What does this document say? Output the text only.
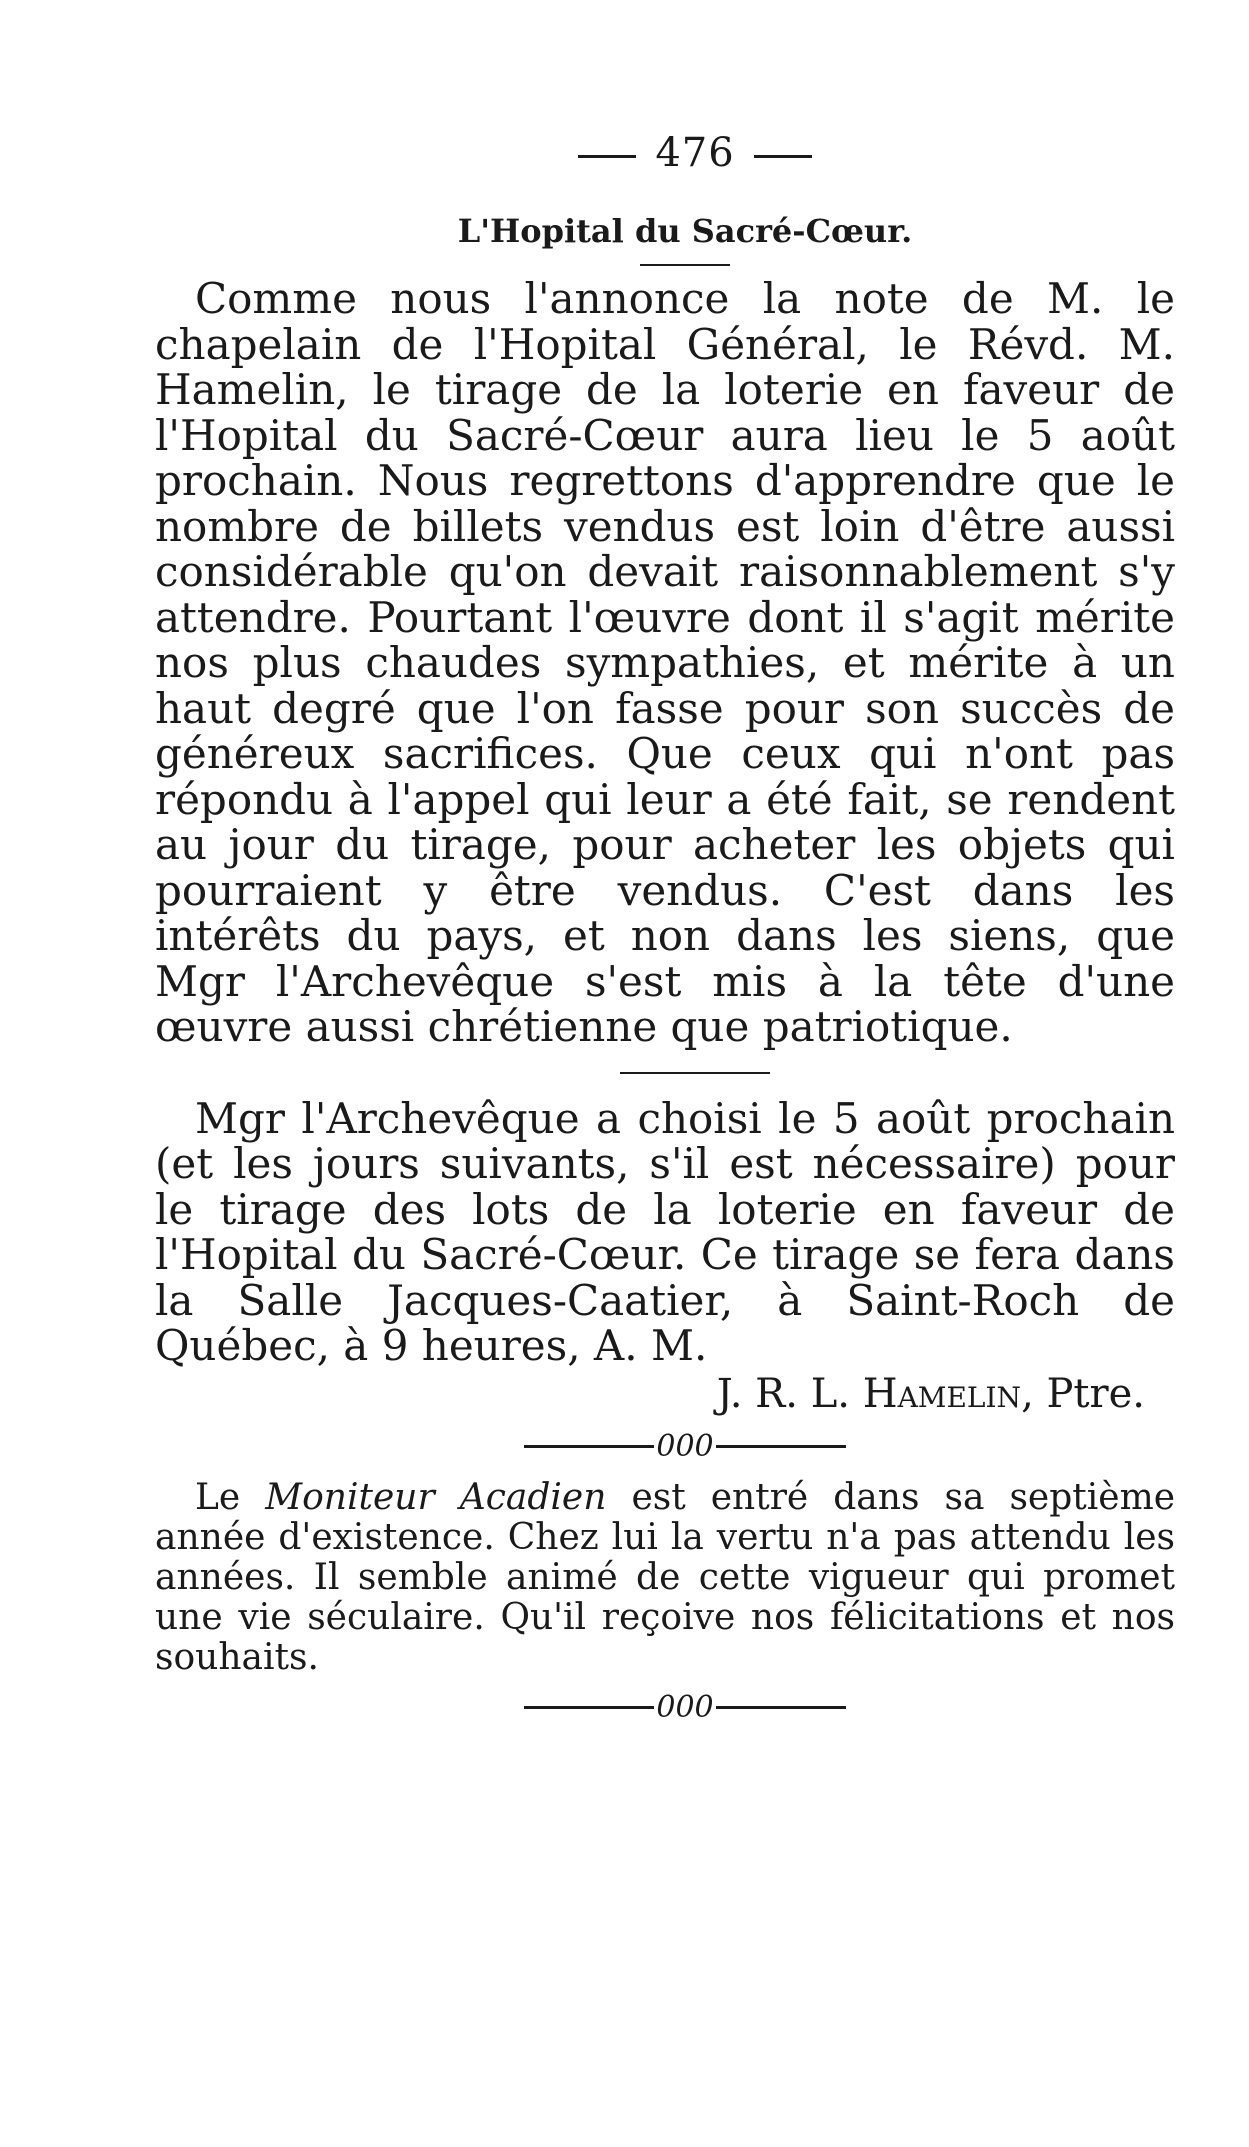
476
L'Hopital du Sacré-Cœur.

Comme nous l'annonce la note de M. le chapelain de l'Hopital Général, le Révd. M. Hamelin, le tirage de la loterie en faveur de l'Hopital du Sacré-Cœur aura lieu le 5 août prochain. Nous regrettons d'apprendre que le nombre de billets vendus est loin d'être aussi considérable qu'on devait raisonnablement s'y attendre. Pourtant l'œuvre dont il s'agit mérite nos plus chaudes sympathies, et mérite à un haut degré que l'on fasse pour son succès de généreux sacrifices. Que ceux qui n'ont pas répondu à l'appel qui leur a été fait, se rendent au jour du tirage, pour acheter les objets qui pourraient y être vendus. C'est dans les intérêts du pays, et non dans les siens, que Mgr l'Archevêque s'est mis à la tête d'une œuvre aussi chrétienne que patriotique.

Mgr l'Archevêque a choisi le 5 août prochain (et les jours suivants, s'il est nécessaire) pour le tirage des lots de la loterie en faveur de l'Hopital du Sacré-Cœur. Ce tirage se fera dans la Salle Jacques-Caatier, à Saint-Roch de Québec, à 9 heures, A. M.

J. R. L. Hamelin, Ptre.
000

Le Moniteur Acadien est entré dans sa septième année d'existence. Chez lui la vertu n'a pas attendu les années. Il semble animé de cette vigueur qui promet une vie séculaire. Qu'il reçoive nos félicitations et nos souhaits.

000
